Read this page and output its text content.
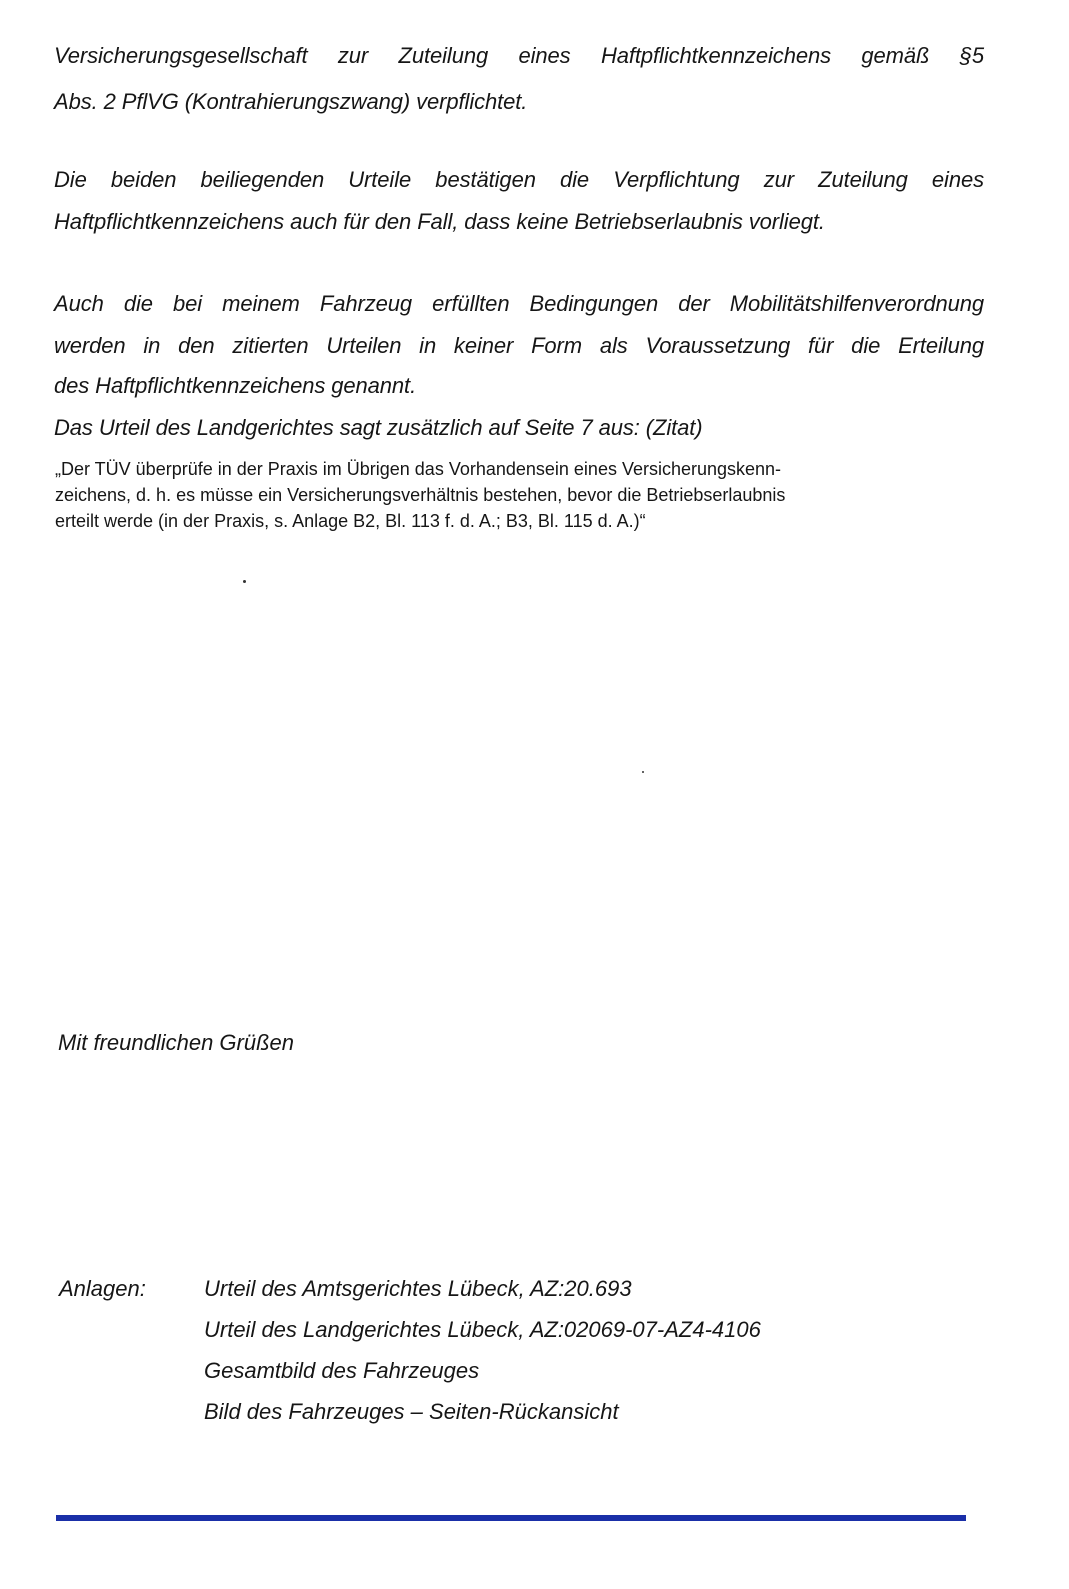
Versicherungsgesellschaft zur Zuteilung eines Haftpflichtkennzeichens gemäß §5
Abs. 2 PflVG (Kontrahierungszwang) verpflichtet.
Die beiden beiliegenden Urteile bestätigen die Verpflichtung zur Zuteilung eines
Haftpflichtkennzeichens auch für den Fall, dass keine Betriebserlaubnis vorliegt.
Auch die bei meinem Fahrzeug erfüllten Bedingungen der Mobilitätshilfenverordnung
werden in den zitierten Urteilen in keiner Form als Voraussetzung für die Erteilung
des Haftpflichtkennzeichens genannt.
Das Urteil des Landgerichtes sagt zusätzlich auf Seite 7 aus: (Zitat)
„Der TÜV überprüfe in der Praxis im Übrigen das Vorhandensein eines Versicherungskenn-
zeichens, d. h. es müsse ein Versicherungsverhältnis bestehen, bevor die Betriebserlaubnis
erteilt werde (in der Praxis, s. Anlage B2, Bl. 113 f. d. A.; B3, Bl. 115 d. A.)“
Mit freundlichen Grüßen
Anlagen:	Urteil des Amtsgerichtes Lübeck, AZ:20.693
Urteil des Landgerichtes Lübeck, AZ:02069-07-AZ4-4106
Gesamtbild des Fahrzeuges
Bild des Fahrzeuges – Seiten-Rückansicht
